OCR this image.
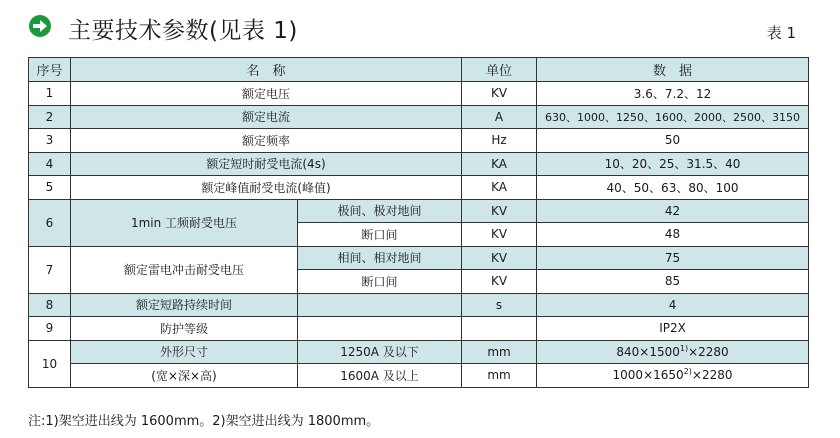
主要技术参数(见表 1)	表 1
序号	名　称		单位	数　据
1	额定电压		KV	3.6、7.2、12
2	额定电流		A	630、1000、1250、1600、2000、2500、3150
3	额定频率		Hz	50
4	额定短时耐受电流(4s)		KA	10、20、25、31.5、40
5	额定峰值耐受电流(峰值)		KA	40、50、63、80、100
6	1min 工频耐受电压	极间、极对地间	KV	42
		断口间	KV	48
7	额定雷电冲击耐受电压	相间、相对地间	KV	75
		断口间	KV	85
8	额定短路持续时间		s	4
9	防护等级			IP2X
10	外形尺寸	1250A 及以下	mm	$840\times 1500^{1)}\times 2280$
	(宽×深×高)	1600A 及以上	mm	$1000\times 1650^{2)}\times 2280$
注:1)架空进出线为 1600mm。2)架空进出线为 1800mm。
